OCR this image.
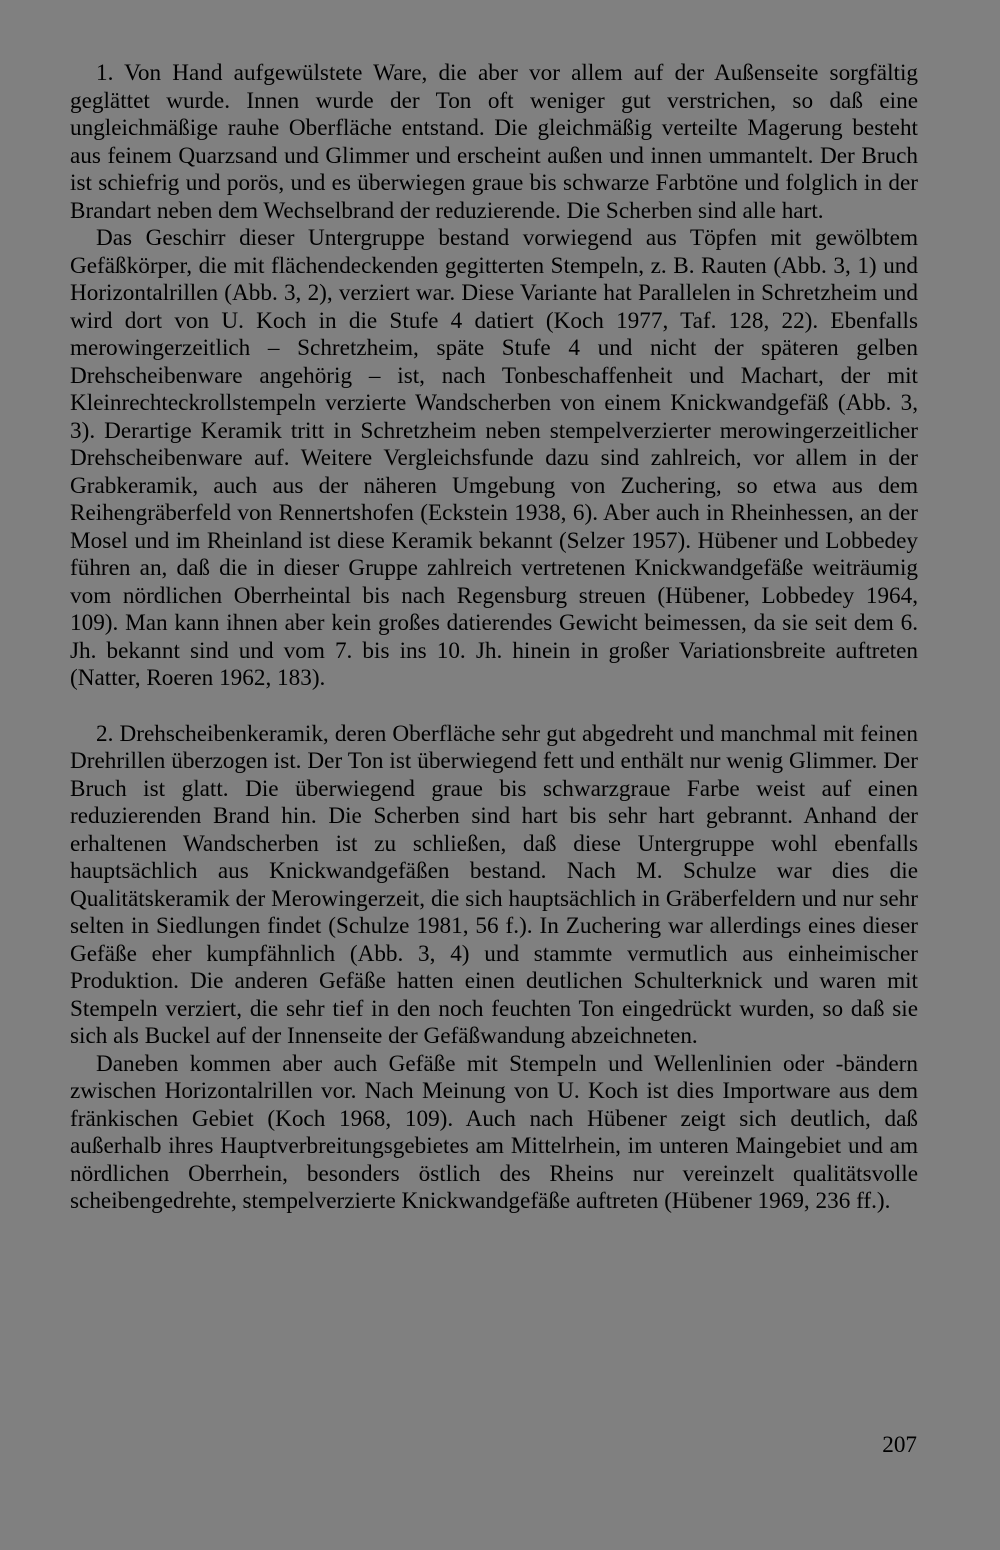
1. Von Hand aufgewülstete Ware, die aber vor allem auf der Außenseite sorgfältig geglättet wurde. Innen wurde der Ton oft weniger gut verstrichen, so daß eine ungleichmäßige rauhe Oberfläche entstand. Die gleichmäßig verteilte Magerung besteht aus feinem Quarzsand und Glimmer und erscheint außen und innen ummantelt. Der Bruch ist schiefrig und porös, und es überwiegen graue bis schwarze Farbtöne und folglich in der Brandart neben dem Wechselbrand der reduzierende. Die Scherben sind alle hart.

Das Geschirr dieser Untergruppe bestand vorwiegend aus Töpfen mit gewölbtem Gefäßkörper, die mit flächendeckenden gegitterten Stempeln, z. B. Rauten (Abb. 3, 1) und Horizontalrillen (Abb. 3, 2), verziert war. Diese Variante hat Parallelen in Schretzheim und wird dort von U. Koch in die Stufe 4 datiert (Koch 1977, Taf. 128, 22). Ebenfalls merowingerzeitlich – Schretzheim, späte Stufe 4 und nicht der späteren gelben Drehscheibenware angehörig – ist, nach Tonbeschaffenheit und Machart, der mit Kleinrechteckrollstempeln verzierte Wandscherben von einem Knickwandgefäß (Abb. 3, 3). Derartige Keramik tritt in Schretzheim neben stempelverzierter merowingerzeitlicher Drehscheibenware auf. Weitere Vergleichsfunde dazu sind zahlreich, vor allem in der Grabkeramik, auch aus der näheren Umgebung von Zuchering, so etwa aus dem Reihengräberfeld von Rennertshofen (Eckstein 1938, 6). Aber auch in Rheinhessen, an der Mosel und im Rheinland ist diese Keramik bekannt (Selzer 1957). Hübener und Lobbedey führen an, daß die in dieser Gruppe zahlreich vertretenen Knickwandgefäße weiträumig vom nördlichen Oberrheintal bis nach Regensburg streuen (Hübener, Lobbedey 1964, 109). Man kann ihnen aber kein großes datierendes Gewicht beimessen, da sie seit dem 6. Jh. bekannt sind und vom 7. bis ins 10. Jh. hinein in großer Variationsbreite auftreten (Natter, Roeren 1962, 183).

2. Drehscheibenkeramik, deren Oberfläche sehr gut abgedreht und manchmal mit feinen Drehrillen überzogen ist. Der Ton ist überwiegend fett und enthält nur wenig Glimmer. Der Bruch ist glatt. Die überwiegend graue bis schwarzgraue Farbe weist auf einen reduzierenden Brand hin. Die Scherben sind hart bis sehr hart gebrannt. Anhand der erhaltenen Wandscherben ist zu schließen, daß diese Untergruppe wohl ebenfalls hauptsächlich aus Knickwandgefäßen bestand. Nach M. Schulze war dies die Qualitätskeramik der Merowingerzeit, die sich hauptsächlich in Gräberfeldern und nur sehr selten in Siedlungen findet (Schulze 1981, 56 f.). In Zuchering war allerdings eines dieser Gefäße eher kumpfähnlich (Abb. 3, 4) und stammte vermutlich aus einheimischer Produktion. Die anderen Gefäße hatten einen deutlichen Schulterknick und waren mit Stempeln verziert, die sehr tief in den noch feuchten Ton eingedrückt wurden, so daß sie sich als Buckel auf der Innenseite der Gefäßwandung abzeichneten.

Daneben kommen aber auch Gefäße mit Stempeln und Wellenlinien oder -bändern zwischen Horizontalrillen vor. Nach Meinung von U. Koch ist dies Importware aus dem fränkischen Gebiet (Koch 1968, 109). Auch nach Hübener zeigt sich deutlich, daß außerhalb ihres Hauptverbreitungsgebietes am Mittelrhein, im unteren Maingebiet und am nördlichen Oberrhein, besonders östlich des Rheins nur vereinzelt qualitätsvolle scheibengedrehte, stempelverzierte Knickwandgefäße auftreten (Hübener 1969, 236 ff.).

207
